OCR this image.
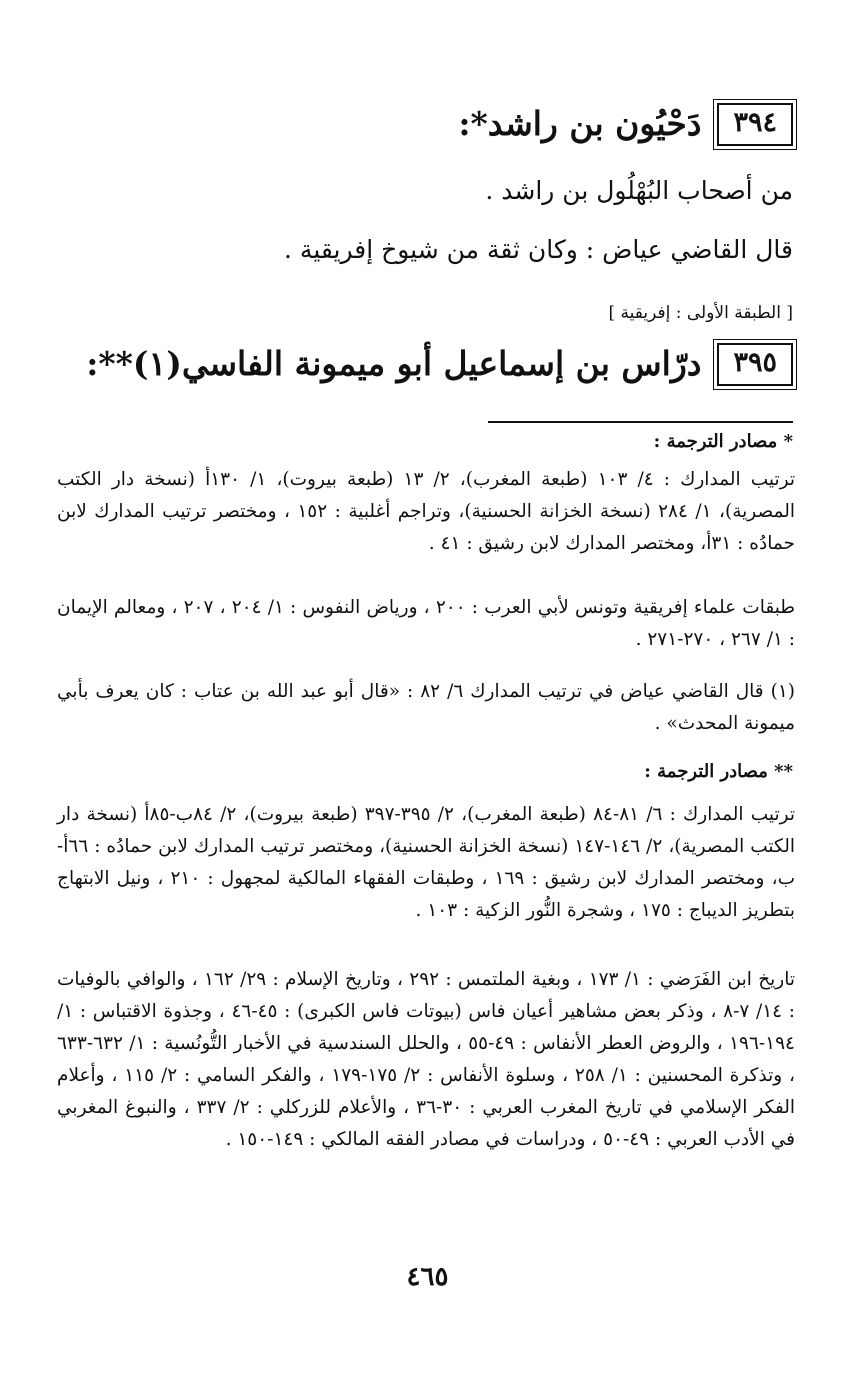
٣٩٤
دَحْيُون بن راشد*:
من أصحاب البُهْلُول بن راشد .
قال القاضي عياض : وكان ثقة من شيوخ إفريقية .
[ الطبقة الأولى : إفريقية ]
٣٩٥
درّاس بن إسماعيل أبو ميمونة الفاسي(١)**:
* مصادر الترجمة :
ترتيب المدارك : ٤/ ١٠٣ (طبعة المغرب)، ٢/ ١٣ (طبعة بيروت)، ١/ ١٣٠أ (نسخة دار الكتب المصرية)، ١/ ٢٨٤ (نسخة الخزانة الحسنية)، وتراجم أغلبية : ١٥٢ ، ومختصر ترتيب المدارك لابن حمادُه : ٣١أ، ومختصر المدارك لابن رشيق : ٤١ .
طبقات علماء إفريقية وتونس لأبي العرب : ٢٠٠ ، ورياض النفوس : ١/ ٢٠٤ ، ٢٠٧ ، ومعالم الإيمان : ١/ ٢٦٧ ، ٢٧٠-٢٧١ .
(١) قال القاضي عياض في ترتيب المدارك ٦/ ٨٢ : «قال أبو عبد الله بن عتاب : كان يعرف بأبي ميمونة المحدث» .
** مصادر الترجمة :
ترتيب المدارك : ٦/ ٨١-٨٤ (طبعة المغرب)، ٢/ ٣٩٥-٣٩٧ (طبعة بيروت)، ٢/ ٨٤ب-٨٥أ (نسخة دار الكتب المصرية)، ٢/ ١٤٦-١٤٧ (نسخة الخزانة الحسنية)، ومختصر ترتيب المدارك لابن حمادُه : ٦٦أ-ب، ومختصر المدارك لابن رشيق : ١٦٩ ، وطبقات الفقهاء المالكية لمجهول : ٢١٠ ، ونيل الابتهاج بتطريز الديباج : ١٧٥ ، وشجرة النُّور الزكية : ١٠٣ .
تاريخ ابن الفَرَضي : ١/ ١٧٣ ، وبغية الملتمس : ٢٩٢ ، وتاريخ الإسلام : ٢٩/ ١٦٢ ، والوافي بالوفيات : ١٤/ ٧-٨ ، وذكر بعض مشاهير أعيان فاس (بيوتات فاس الكبرى) : ٤٥-٤٦ ، وجذوة الاقتباس : ١/ ١٩٤-١٩٦ ، والروض العطر الأنفاس : ٤٩-٥٥ ، والحلل السندسية في الأخبار التُّونُسية : ١/ ٦٣٢-٦٣٣ ، وتذكرة المحسنين : ١/ ٢٥٨ ، وسلوة الأنفاس : ٢/ ١٧٥-١٧٩ ، والفكر السامي : ٢/ ١١٥ ، وأعلام الفكر الإسلامي في تاريخ المغرب العربي : ٣٠-٣٦ ، والأعلام للزركلي : ٢/ ٣٣٧ ، والنبوغ المغربي في الأدب العربي : ٤٩-٥٠ ، ودراسات في مصادر الفقه المالكي : ١٤٩-١٥٠ .
٤٦٥
